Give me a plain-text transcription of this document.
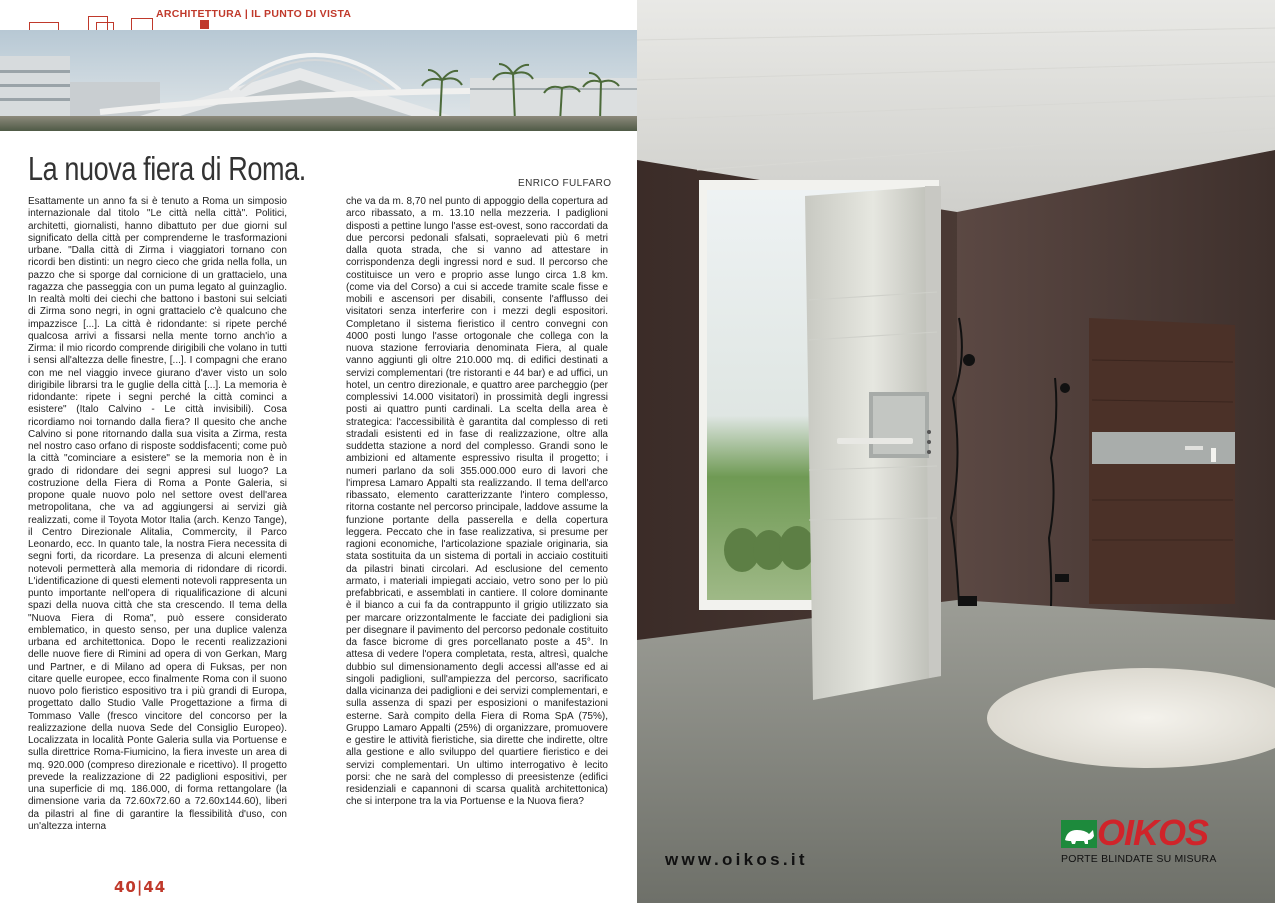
ARCHITETTURA | IL PUNTO DI VISTA
La nuova fiera di Roma.	ENRICO FULFARO
Esattamente un anno fa si è tenuto a Roma un simposio internazionale dal titolo "Le città nella città". Politici, architetti, giornalisti, hanno dibattuto per due giorni sul significato della città per comprenderne le trasformazioni urbane. "Dalla città di Zirma i viaggiatori tornano con ricordi ben distinti: un negro cieco che grida nella folla, un pazzo che si sporge dal cornicione di un grattacielo, una ragazza che passeggia con un puma legato al guinzaglio. In realtà molti dei ciechi che battono i bastoni sui selciati di Zirma sono negri, in ogni grattacielo c'è qualcuno che impazzisce [...]. La città è ridondante: si ripete perché qualcosa arrivi a fissarsi nella mente torno anch'io a Zirma: il mio ricordo comprende dirigibili che volano in tutti i sensi all'altezza delle finestre, [...]. I compagni che erano con me nel viaggio invece giurano d'aver visto un solo dirigibile librarsi tra le guglie della città [...]. La memoria è ridondante: ripete i segni perché la città cominci a esistere" (Italo Calvino - Le città invisibili). Cosa ricordiamo noi tornando dalla fiera? Il quesito che anche Calvino si pone ritornando dalla sua visita a Zirma, resta nel nostro caso orfano di risposte soddisfacenti; come può la città "cominciare a esistere" se la memoria non è in grado di ridondare dei segni appresi sul luogo? La costruzione della Fiera di Roma a Ponte Galeria, si propone quale nuovo polo nel settore ovest dell'area metropolitana, che va ad aggiungersi ai servizi già realizzati, come il Toyota Motor Italia (arch. Kenzo Tange), il Centro Direzionale Alitalia, Commercity, il Parco Leonardo, ecc. In quanto tale, la nostra Fiera necessita di segni forti, da ricordare. La presenza di alcuni elementi notevoli permetterà alla memoria di ridondare di ricordi. L'identificazione di questi elementi notevoli rappresenta un punto importante nell'opera di riqualificazione di alcuni spazi della nuova città che sta crescendo. Il tema della "Nuova Fiera di Roma", può essere considerato emblematico, in questo senso, per una duplice valenza urbana ed architettonica. Dopo le recenti realizzazioni delle nuove fiere di Rimini ad opera di von Gerkan, Marg und Partner, e di Milano ad opera di Fuksas, per non citare quelle europee, ecco finalmente Roma con il suono nuovo polo fieristico espositivo tra i più grandi di Europa, progettato dallo Studio Valle Progettazione a firma di Tommaso Valle (fresco vincitore del concorso per la realizzazione della nuova Sede del Consiglio Europeo). Localizzata in località Ponte Galeria sulla via Portuense e sulla direttrice Roma-Fiumicino, la fiera investe un area di mq. 920.000 (compreso direzionale e ricettivo). Il progetto prevede la realizzazione di 22 padiglioni espositivi, per una superficie di mq. 186.000, di forma rettangolare (la dimensione varia da 72.60x72.60 a 72.60x144.60), liberi da pilastri al fine di garantire la flessibilità d'uso, con un'altezza interna
che va da m. 8,70 nel punto di appoggio della copertura ad arco ribassato, a m. 13.10 nella mezzeria. I padiglioni disposti a pettine lungo l'asse est-ovest, sono raccordati da due percorsi pedonali sfalsati, sopraelevati più 6 metri dalla quota strada, che si vanno ad attestare in corrispondenza degli ingressi nord e sud. Il percorso che costituisce un vero e proprio asse lungo circa 1.8 km. (come via del Corso) a cui si accede tramite scale fisse e mobili e ascensori per disabili, consente l'afflusso dei visitatori senza interferire con i mezzi degli espositori. Completano il sistema fieristico il centro convegni con 4000 posti lungo l'asse ortogonale che collega con la nuova stazione ferroviaria denominata Fiera, al quale vanno aggiunti gli oltre 210.000 mq. di edifici destinati a servizi complementari (tre ristoranti e 44 bar) e ad uffici, un hotel, un centro direzionale, e quattro aree parcheggio (per complessivi 14.000 visitatori) in prossimità degli ingressi posti ai quattro punti cardinali. La scelta della area è strategica: l'accessibilità è garantita dal complesso di reti stradali esistenti ed in fase di realizzazione, oltre alla suddetta stazione a nord del complesso. Grandi sono le ambizioni ed altamente espressivo risulta il progetto; i numeri parlano da soli 355.000.000 euro di lavori che l'impresa Lamaro Appalti sta realizzando. Il tema dell'arco ribassato, elemento caratterizzante l'intero complesso, ritorna costante nel percorso principale, laddove assume la funzione portante della passerella e della copertura leggera. Peccato che in fase realizzativa, si presume per ragioni economiche, l'articolazione spaziale originaria, sia stata sostituita da un sistema di portali in acciaio costituiti da pilastri binati circolari. Ad esclusione del cemento armato, i materiali impiegati acciaio, vetro sono per lo più prefabbricati, e assemblati in cantiere. Il colore dominante è il bianco a cui fa da contrappunto il grigio utilizzato sia per marcare orizzontalmente le facciate dei padiglioni sia per disegnare il pavimento del percorso pedonale costituito da fasce bicrome di gres porcellanato poste a 45°. In attesa di vedere l'opera completata, resta, altresì, qualche dubbio sul dimensionamento degli accessi all'asse ed ai singoli padiglioni, sull'ampiezza del percorso, sacrificato dalla vicinanza dei padiglioni e dei servizi complementari, e sulla assenza di spazi per esposizioni o manifestazioni esterne. Sarà compito della Fiera di Roma SpA (75%), Gruppo Lamaro Appalti (25%) di organizzare, promuovere e gestire le attività fieristiche, sia dirette che indirette, oltre alla gestione e allo sviluppo del quartiere fieristico e dei servizi complementari. Un ultimo interrogativo è lecito porsi: che ne sarà del complesso di preesistenze (edifici residenziali e capannoni di scarsa qualità architettonica) che si interpone tra la via Portuense e la Nuova fiera?
40|44
www.oikos.it
OIKOS
PORTE BLINDATE SU MISURA
